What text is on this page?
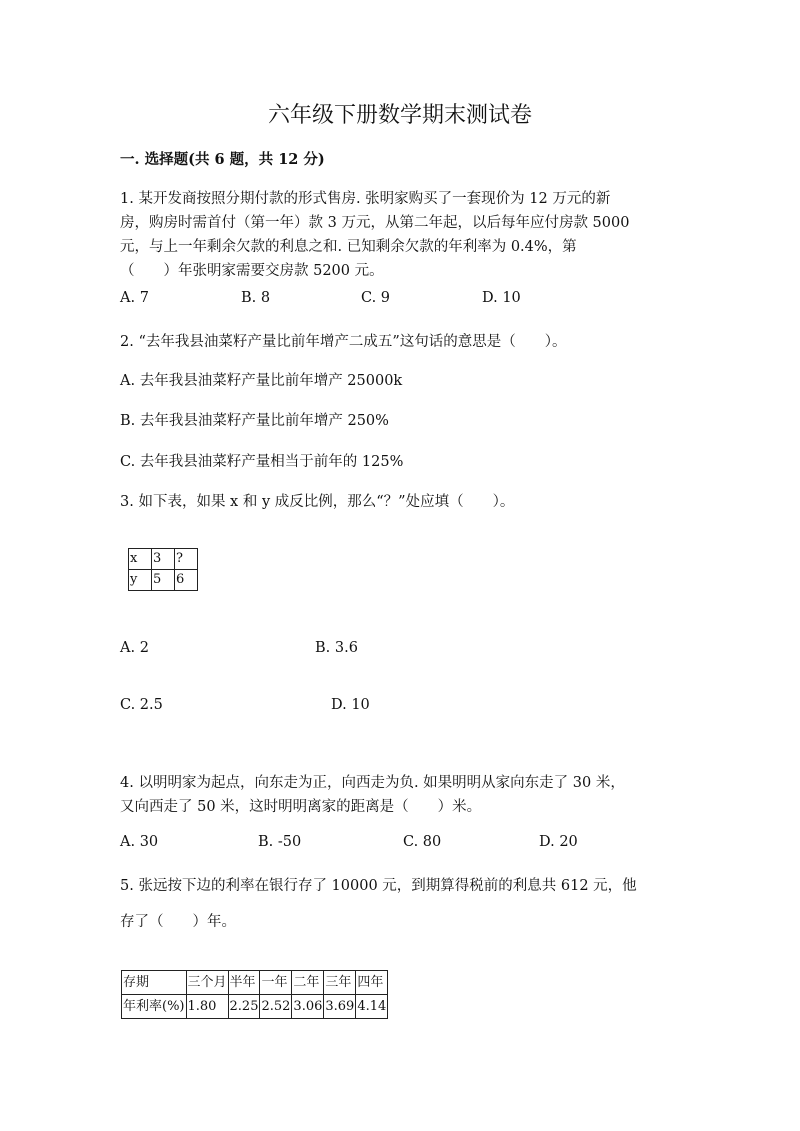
六年级下册数学期末测试卷
一. 选择题(共 6 题，共 12 分)
1. 某开发商按照分期付款的形式售房. 张明家购买了一套现价为 12 万元的新
房，购房时需首付（第一年）款 3 万元，从第二年起，以后每年应付房款 5000
元，与上一年剩余欠款的利息之和. 已知剩余欠款的年利率为 0.4%，第
（　　）年张明家需要交房款 5200 元。
A. 7	B. 8	C. 9	D. 10
2. “去年我县油菜籽产量比前年增产二成五”这句话的意思是（　　）。
A. 去年我县油菜籽产量比前年增产 25000k
B. 去年我县油菜籽产量比前年增产 250%
C. 去年我县油菜籽产量相当于前年的 125%
3. 如下表，如果 x 和 y 成反比例，那么“？”处应填（　　）。
x	3	?
y	5	6
A. 2	B. 3.6
C. 2.5	D. 10
4. 以明明家为起点，向东走为正，向西走为负. 如果明明从家向东走了 30 米，
又向西走了 50 米，这时明明离家的距离是（　　）米。
A. 30	B. -50	C. 80	D. 20
5. 张远按下边的利率在银行存了 10000 元，到期算得税前的利息共 612 元，他
存了（　　）年。
存期	三个月	半年	一年	二年	三年	四年
年利率(%)	1.80	2.25	2.52	3.06	3.69	4.14
